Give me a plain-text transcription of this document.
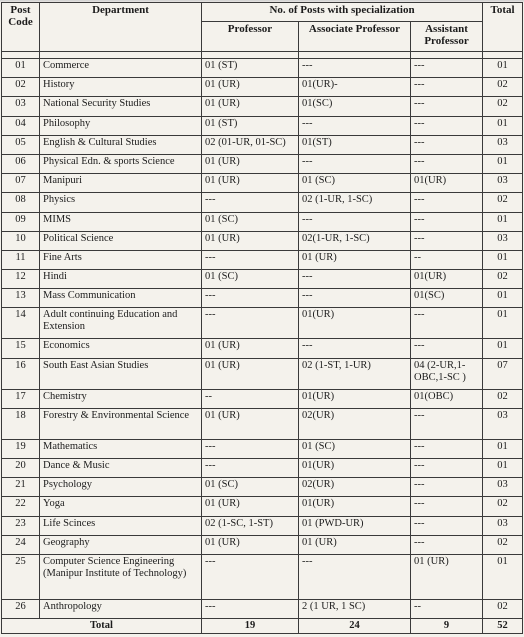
Post Code	Department	No. of Posts with specialization			Total
		Professor	Associate Professor	Assistant Professor	

01	Commerce	01 (ST)	---	---	01
02	History	01 (UR)	01(UR)-	---	02
03	National Security Studies	01 (UR)	01(SC)	---	02
04	Philosophy	01 (ST)	---	---	01
05	English & Cultural Studies	02 (01-UR, 01-SC)	01(ST)	---	03
06	Physical Edn. & sports Science	01 (UR)	---	---	01
07	Manipuri	01 (UR)	01 (SC)	01(UR)	03
08	Physics	---	02 (1-UR, 1-SC)	---	02
09	MIMS	01 (SC)	---	---	01
10	Political Science	01 (UR)	02(1-UR, 1-SC)	---	03
11	Fine Arts	---	01 (UR)	--	01
12	Hindi	01 (SC)	---	01(UR)	02
13	Mass Communication	---	---	01(SC)	01
14	Adult continuing Education and Extension	---	01(UR)	---	01
15	Economics	01 (UR)	---	---	01
16	South East Asian Studies	01 (UR)	02 (1-ST, 1-UR)	04 (2-UR,1-OBC,1-SC )	07
17	Chemistry	--	01(UR)	01(OBC)	02
18	Forestry & Environmental Science	01 (UR)	02(UR)	---	03
19	Mathematics	---	01 (SC)	---	01
20	Dance & Music	---	01(UR)	---	01
21	Psychology	01 (SC)	02(UR)	---	03
22	Yoga	01 (UR)	01(UR)	---	02
23	Life Scinces	02 (1-SC, 1-ST)	01 (PWD-UR)	---	03
24	Geography	01 (UR)	01 (UR)	---	02
25	Computer Science Engineering (Manipur Institute of Technology)	---	---	01 (UR)	01
26	Anthropology	---	2 (1 UR, 1 SC)	--	02
Total		19	24	9	52
